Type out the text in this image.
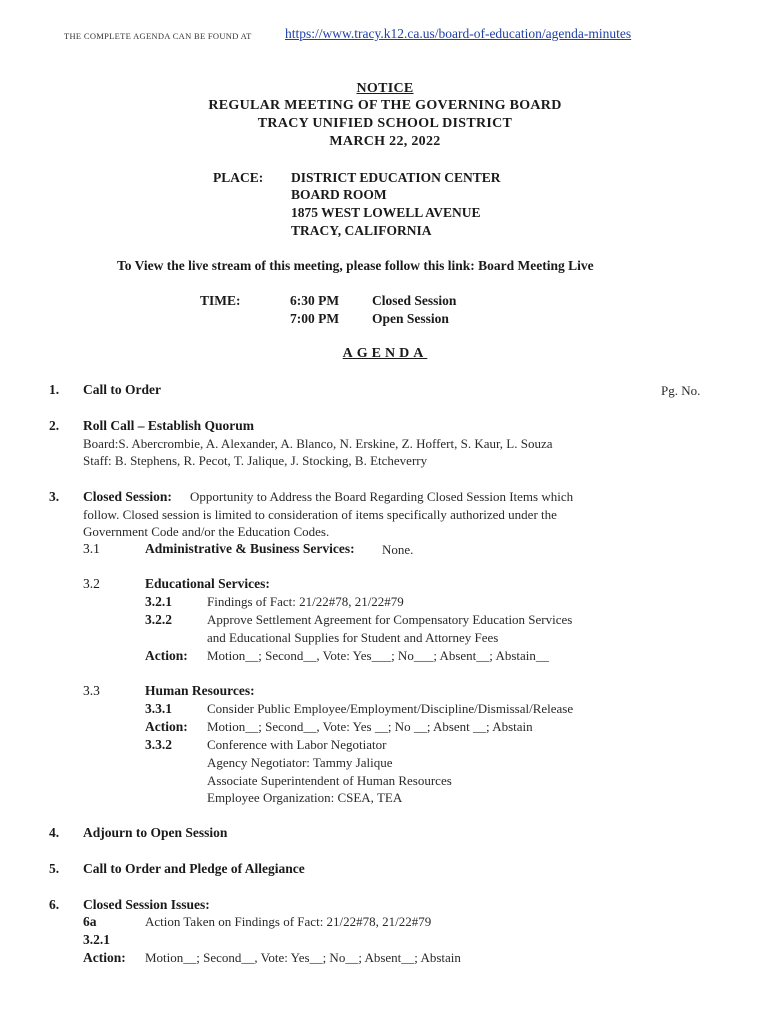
THE COMPLETE AGENDA CAN BE FOUND AT https://www.tracy.k12.ca.us/board-of-education/agenda-minutes
NOTICE
REGULAR MEETING OF THE GOVERNING BOARD
TRACY UNIFIED SCHOOL DISTRICT
MARCH 22, 2022
PLACE: DISTRICT EDUCATION CENTER
BOARD ROOM
1875 WEST LOWELL AVENUE
TRACY, CALIFORNIA
To View the live stream of this meeting, please follow this link: Board Meeting Live
TIME:	6:30 PM Closed Session
7:00 PM Open Session
AGENDA
1. Call to Order	Pg. No.
2. Roll Call – Establish Quorum
Board:S. Abercrombie, A. Alexander, A. Blanco, N. Erskine, Z. Hoffert, S. Kaur, L. Souza
Staff: B. Stephens, R. Pecot, T. Jalique, J. Stocking, B. Etcheverry
3. Closed Session: Opportunity to Address the Board Regarding Closed Session Items which
follow. Closed session is limited to consideration of items specifically authorized under the
Government Code and/or the Education Codes.
3.1	Administrative & Business Services: None.
3.2	Educational Services:
3.2.1	Findings of Fact: 21/22#78, 21/22#79
3.2.2	Approve Settlement Agreement for Compensatory Education Services
and Educational Supplies for Student and Attorney Fees
Action: Motion__; Second__, Vote: Yes___; No___; Absent__; Abstain__
3.3	Human Resources:
3.3.1	Consider Public Employee/Employment/Discipline/Dismissal/Release
Action: Motion__; Second__, Vote: Yes __; No __; Absent __; Abstain
3.3.2	Conference with Labor Negotiator
Agency Negotiator: Tammy Jalique
Associate Superintendent of Human Resources
Employee Organization: CSEA, TEA
4. Adjourn to Open Session
5. Call to Order and Pledge of Allegiance
6. Closed Session Issues:
6a	Action Taken on Findings of Fact: 21/22#78, 21/22#79
3.2.1
Action: Motion__; Second__, Vote: Yes__; No__; Absent__; Abstain
